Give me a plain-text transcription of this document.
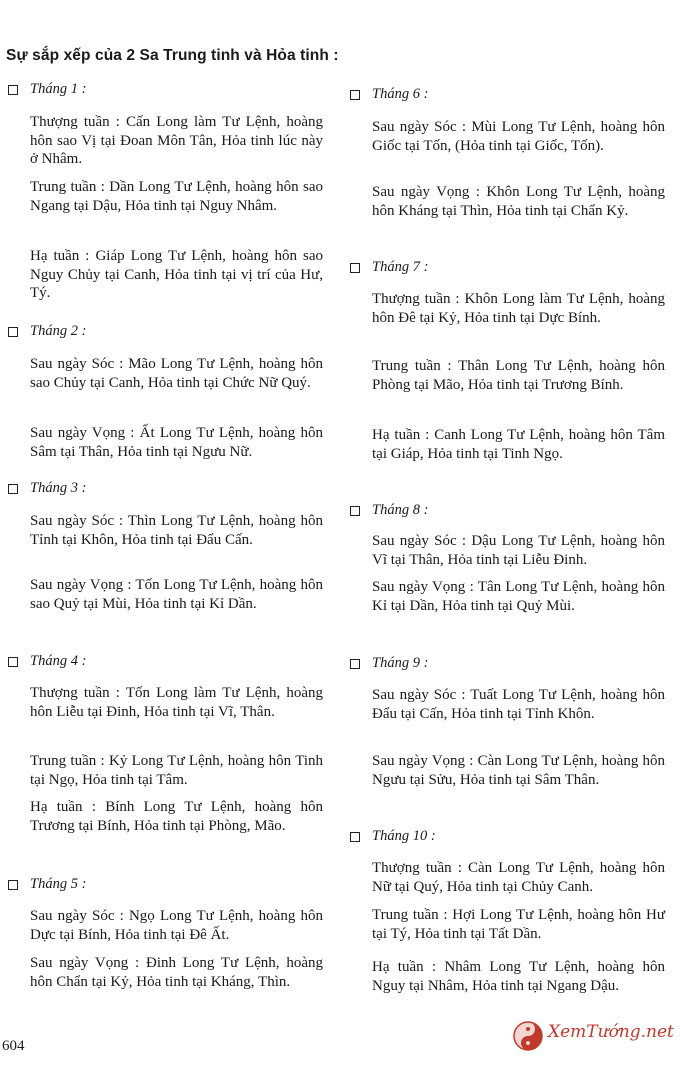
Sự sắp xếp của 2 Sa Trung tinh và Hỏa tinh :
Tháng 1 :

Thượng tuần : Cấn Long làm Tư Lệnh, hoàng hôn sao Vị tại Đoan Môn Tân, Hỏa tinh lúc này ở Nhâm.

Trung tuần : Dần Long Tư Lệnh, hoàng hôn sao Ngang tại Dậu, Hỏa tinh tại Nguy Nhâm.

Hạ tuần : Giáp Long Tư Lệnh, hoàng hôn sao Nguy Chủy tại Canh, Hỏa tinh tại vị trí của Hư, Tý.

Tháng 2 :

Sau ngày Sóc : Mão Long Tư Lệnh, hoàng hôn sao Chủy tại Canh, Hỏa tinh tại Chức Nữ Quý.

Sau ngày Vọng : Ất Long Tư Lệnh, hoàng hôn Sâm tại Thân, Hỏa tinh tại Ngưu Nữ.

Tháng 3 :

Sau ngày Sóc : Thìn Long Tư Lệnh, hoàng hôn Tỉnh tại Khôn, Hỏa tinh tại Đẩu Cấn.

Sau ngày Vọng : Tốn Long Tư Lệnh, hoàng hôn sao Quỷ tại Mùi, Hỏa tinh tại Kỉ Dần.

Tháng 4 :

Thượng tuần : Tốn Long làm Tư Lệnh, hoàng hôn Liễu tại Đinh, Hỏa tinh tại Vĩ, Thân.

Trung tuần : Kỷ Long Tư Lệnh, hoàng hôn Tinh tại Ngọ, Hỏa tinh tại Tâm.

Hạ tuần : Bính Long Tư Lệnh, hoàng hôn Trương tại Bính, Hỏa tinh tại Phòng, Mão.

Tháng 5 :

Sau ngày Sóc : Ngọ Long Tư Lệnh, hoàng hôn Dực tại Bính, Hỏa tinh tại Đê Ất.

Sau ngày Vọng : Đinh Long Tư Lệnh, hoàng hôn Chẩn tại Kỷ, Hỏa tinh tại Kháng, Thìn.

604
Tháng 6 :

Sau ngày Sóc : Mùi Long Tư Lệnh, hoàng hôn Giốc tại Tốn, (Hỏa tinh tại Giốc, Tốn).

Sau ngày Vọng : Khôn Long Tư Lệnh, hoàng hôn Kháng tại Thìn, Hỏa tinh tại Chẩn Kỷ.

Tháng 7 :

Thượng tuần : Khôn Long làm Tư Lệnh, hoàng hôn Đê tại Kỷ, Hỏa tinh tại Dực Bính.

Trung tuần : Thân Long Tư Lệnh, hoàng hôn Phòng tại Mão, Hỏa tinh tại Trương Bính.

Hạ tuần : Canh Long Tư Lệnh, hoàng hôn Tâm tại Giáp, Hỏa tinh tại Tinh Ngọ.

Tháng 8 :

Sau ngày Sóc : Dậu Long Tư Lệnh, hoàng hôn Vĩ tại Thân, Hỏa tinh tại Liễu Đinh.

Sau ngày Vọng : Tân Long Tư Lệnh, hoàng hôn Kỉ tại Dần, Hỏa tinh tại Quỷ Mùi.

Tháng 9 :

Sau ngày Sóc : Tuất Long Tư Lệnh, hoàng hôn Đẩu tại Cấn, Hỏa tinh tại Tỉnh Khôn.

Sau ngày Vọng : Càn Long Tư Lệnh, hoàng hôn Ngưu tại Sửu, Hỏa tinh tại Sâm Thân.

Tháng 10 :

Thượng tuần : Càn Long Tư Lệnh, hoàng hôn Nữ tại Quý, Hỏa tinh tại Chủy Canh.

Trung tuần : Hợi Long Tư Lệnh, hoàng hôn Hư tại Tý, Hỏa tinh tại Tất Dần.

Hạ tuần : Nhâm Long Tư Lệnh, hoàng hôn Nguy tại Nhâm, Hỏa tinh tại Ngang Dậu.

XemTướng.net
